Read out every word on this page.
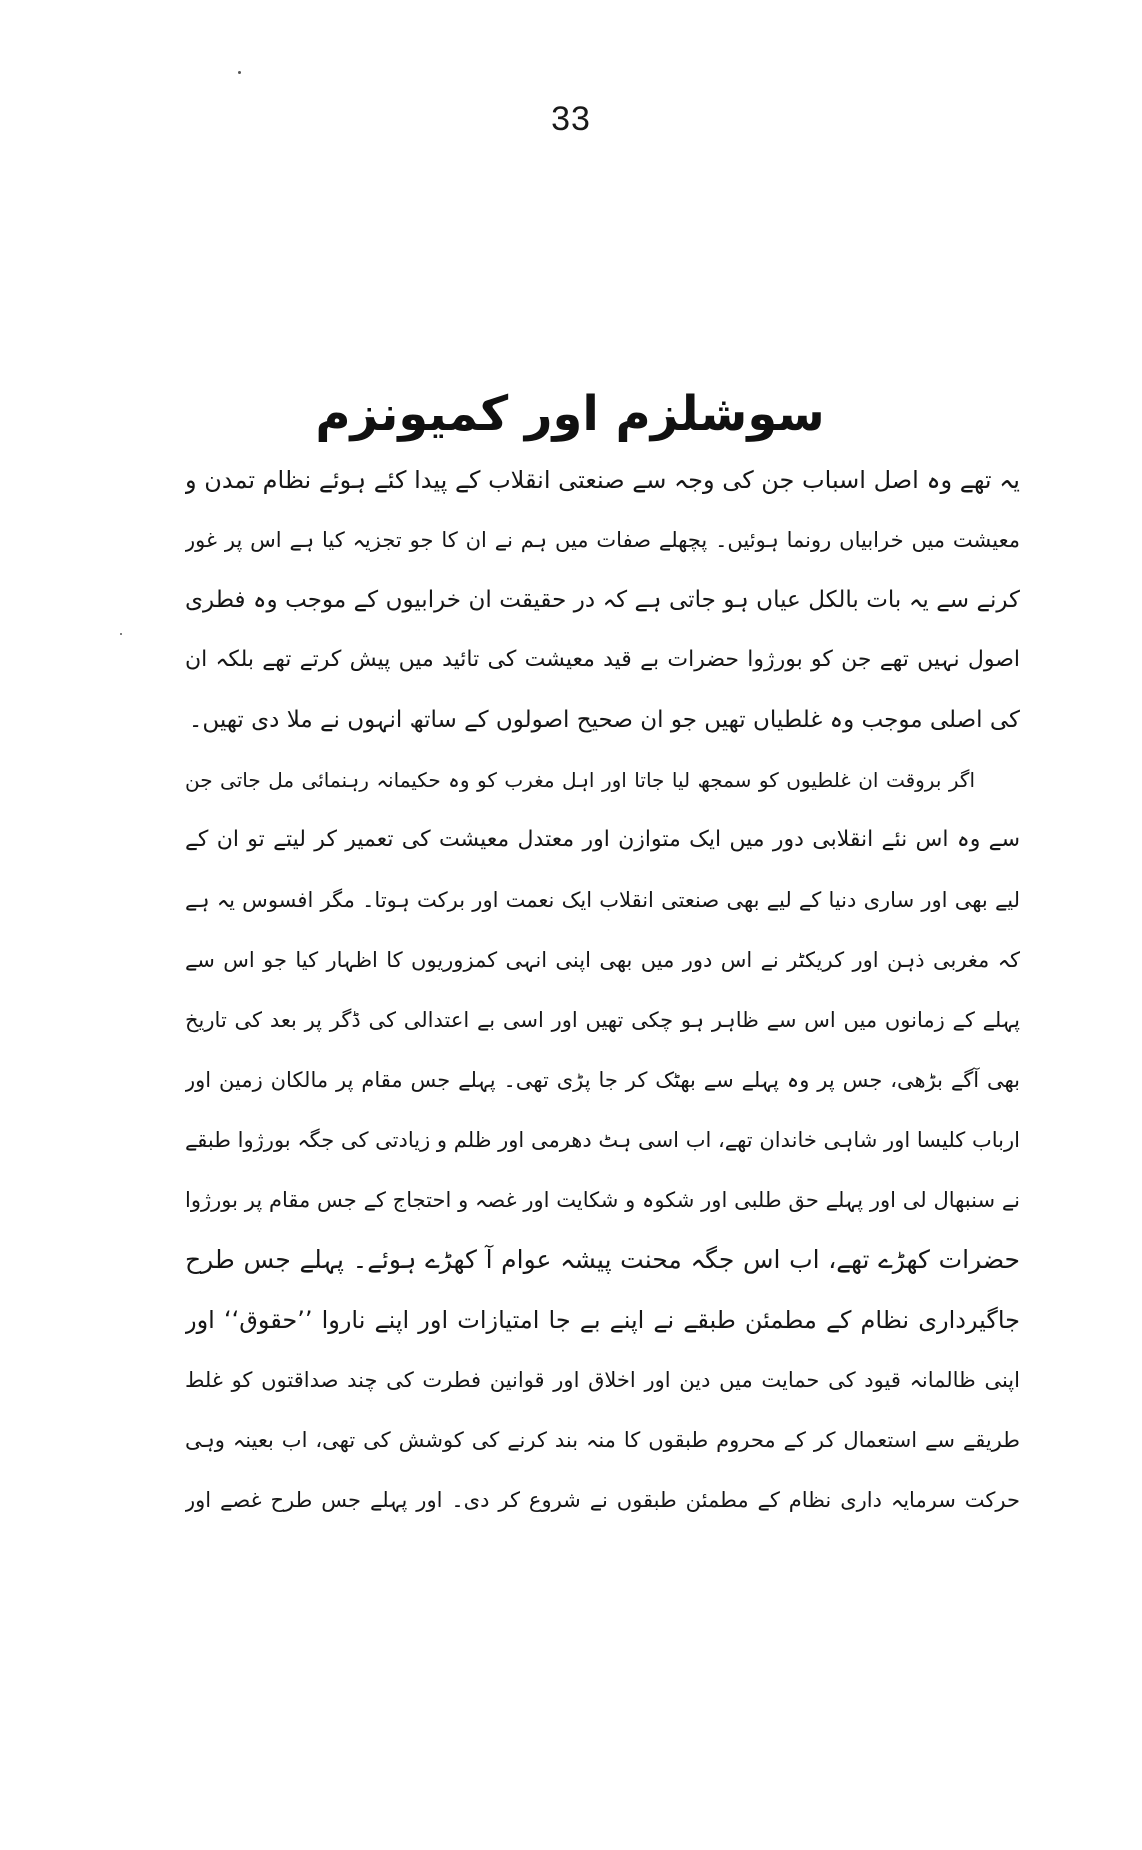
33
سوشلزم اور کمیونزم
یہ تھے وہ اصل اسباب جن کی وجہ سے صنعتی انقلاب کے پیدا کئے ہوئے نظام تمدن و
معیشت میں خرابیاں رونما ہوئیں۔ پچھلے صفات میں ہم نے ان کا جو تجزیہ کیا ہے اس پر غور
کرنے سے یہ بات بالکل عیاں ہو جاتی ہے کہ در حقیقت ان خرابیوں کے موجب وہ فطری
اصول نہیں تھے جن کو بورژوا حضرات بے قید معیشت کی تائید میں پیش کرتے تھے بلکہ ان
کی اصلی موجب وہ غلطیاں تھیں جو ان صحیح اصولوں کے ساتھ انہوں نے ملا دی تھیں۔
اگر بروقت ان غلطیوں کو سمجھ لیا جاتا اور اہل مغرب کو وہ حکیمانہ رہنمائی مل جاتی جن
سے وہ اس نئے انقلابی دور میں ایک متوازن اور معتدل معیشت کی تعمیر کر لیتے تو ان کے
لیے بھی اور ساری دنیا کے لیے بھی صنعتی انقلاب ایک نعمت اور برکت ہوتا۔ مگر افسوس یہ ہے
کہ مغربی ذہن اور کریکٹر نے اس دور میں بھی اپنی انہی کمزوریوں کا اظہار کیا جو اس سے
پہلے کے زمانوں میں اس سے ظاہر ہو چکی تھیں اور اسی بے اعتدالی کی ڈگر پر بعد کی تاریخ
بھی آگے بڑھی، جس پر وہ پہلے سے بھٹک کر جا پڑی تھی۔ پہلے جس مقام پر مالکان زمین اور
ارباب کلیسا اور شاہی خاندان تھے، اب اسی ہٹ دھرمی اور ظلم و زیادتی کی جگہ بورژوا طبقے
نے سنبھال لی اور پہلے حق طلبی اور شکوہ و شکایت اور غصہ و احتجاج کے جس مقام پر بورژوا
حضرات کھڑے تھے، اب اس جگہ محنت پیشہ عوام آ کھڑے ہوئے۔ پہلے جس طرح
جاگیرداری نظام کے مطمئن طبقے نے اپنے بے جا امتیازات اور اپنے ناروا ’’حقوق‘‘ اور
اپنی ظالمانہ قیود کی حمایت میں دین اور اخلاق اور قوانین فطرت کی چند صداقتوں کو غلط
طریقے سے استعمال کر کے محروم طبقوں کا منہ بند کرنے کی کوشش کی تھی، اب بعینہ وہی
حرکت سرمایہ داری نظام کے مطمئن طبقوں نے شروع کر دی۔ اور پہلے جس طرح غصے اور
